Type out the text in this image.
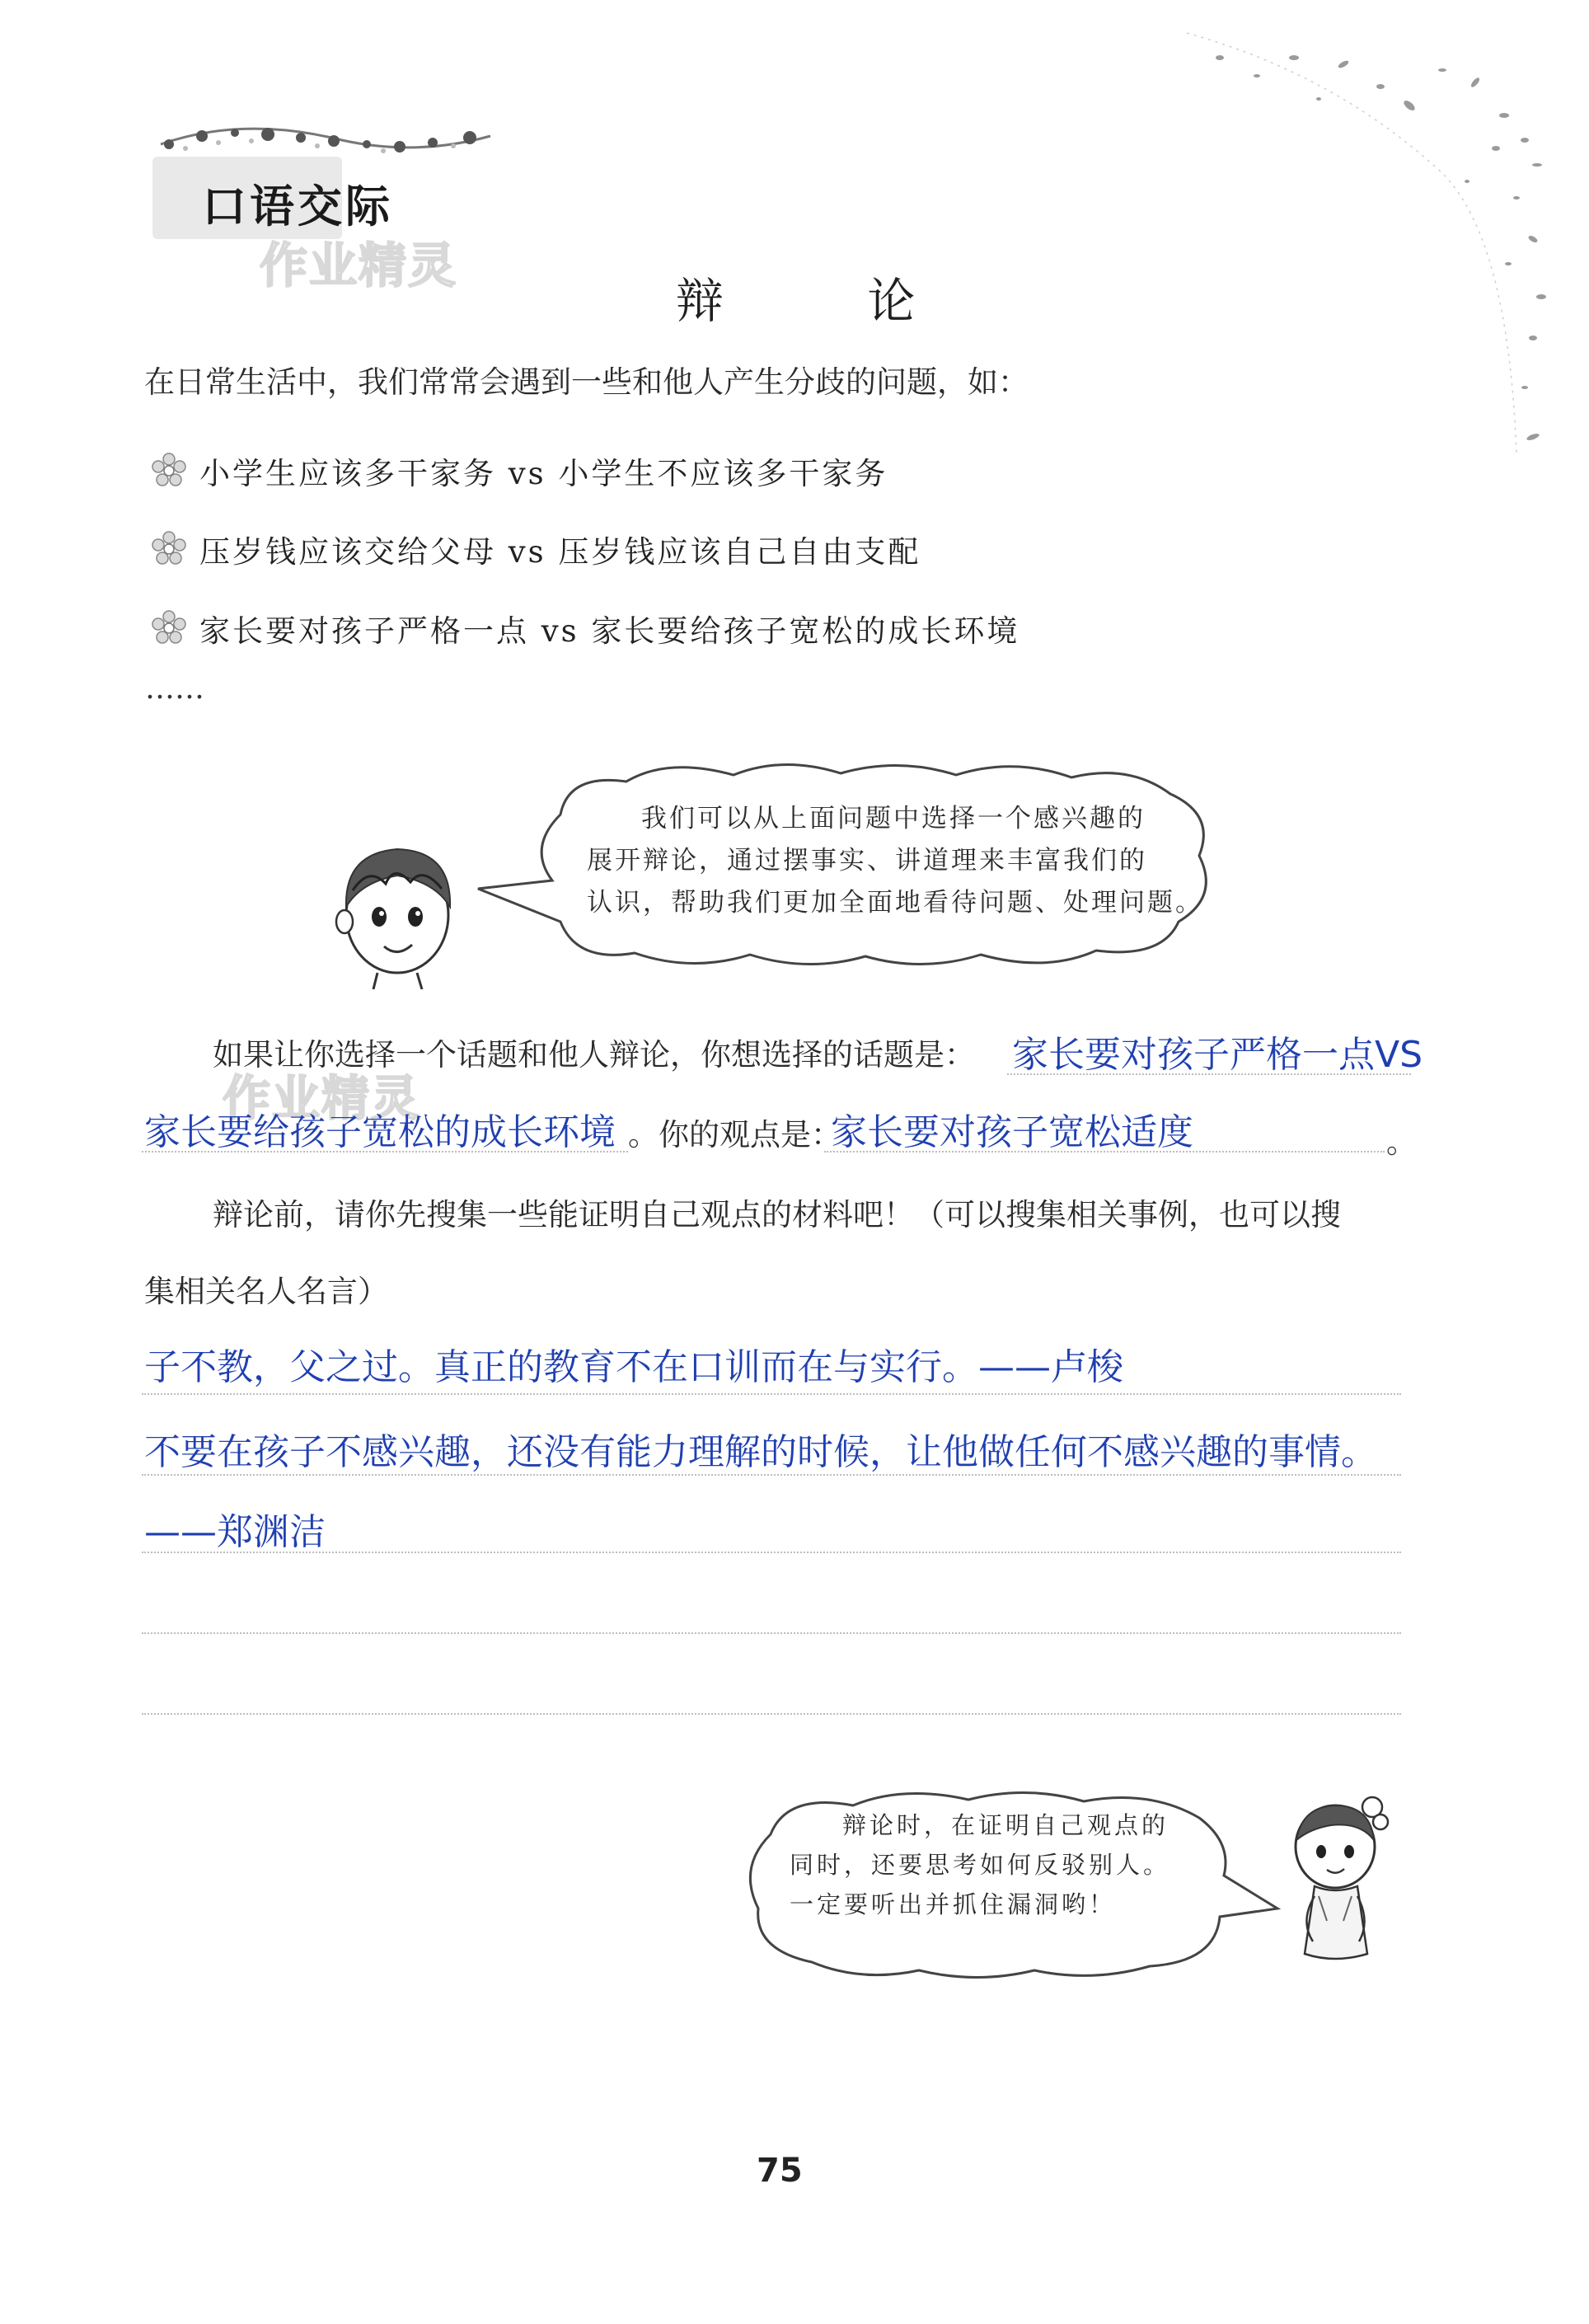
口语交际
作业精灵
辩 论
在日常生活中，我们常常会遇到一些和他人产生分歧的问题，如：
小学生应该多干家务 vs 小学生不应该多干家务
压岁钱应该交给父母 vs 压岁钱应该自己自由支配
家长要对孩子严格一点 vs 家长要给孩子宽松的成长环境
……
我们可以从上面问题中选择一个感兴趣的
展开辩论，通过摆事实、讲道理来丰富我们的
认识，帮助我们更加全面地看待问题、处理问题。
如果让你选择一个话题和他人辩论，你想选择的话题是： 家长要对孩子严格一点VS
作业精灵
家长要给孩子宽松的成长环境 。你的观点是：
家长要对孩子宽松适度	。
辩论前，请你先搜集一些能证明自己观点的材料吧！（可以搜集相关事例，也可以搜
集相关名人名言）
子不教，父之过。真正的教育不在口训而在与实行。——卢梭
不要在孩子不感兴趣，还没有能力理解的时候，让他做任何不感兴趣的事情。
——郑渊洁
辩论时，在证明自己观点的
同时，还要思考如何反驳别人。
一定要听出并抓住漏洞哟！
75
